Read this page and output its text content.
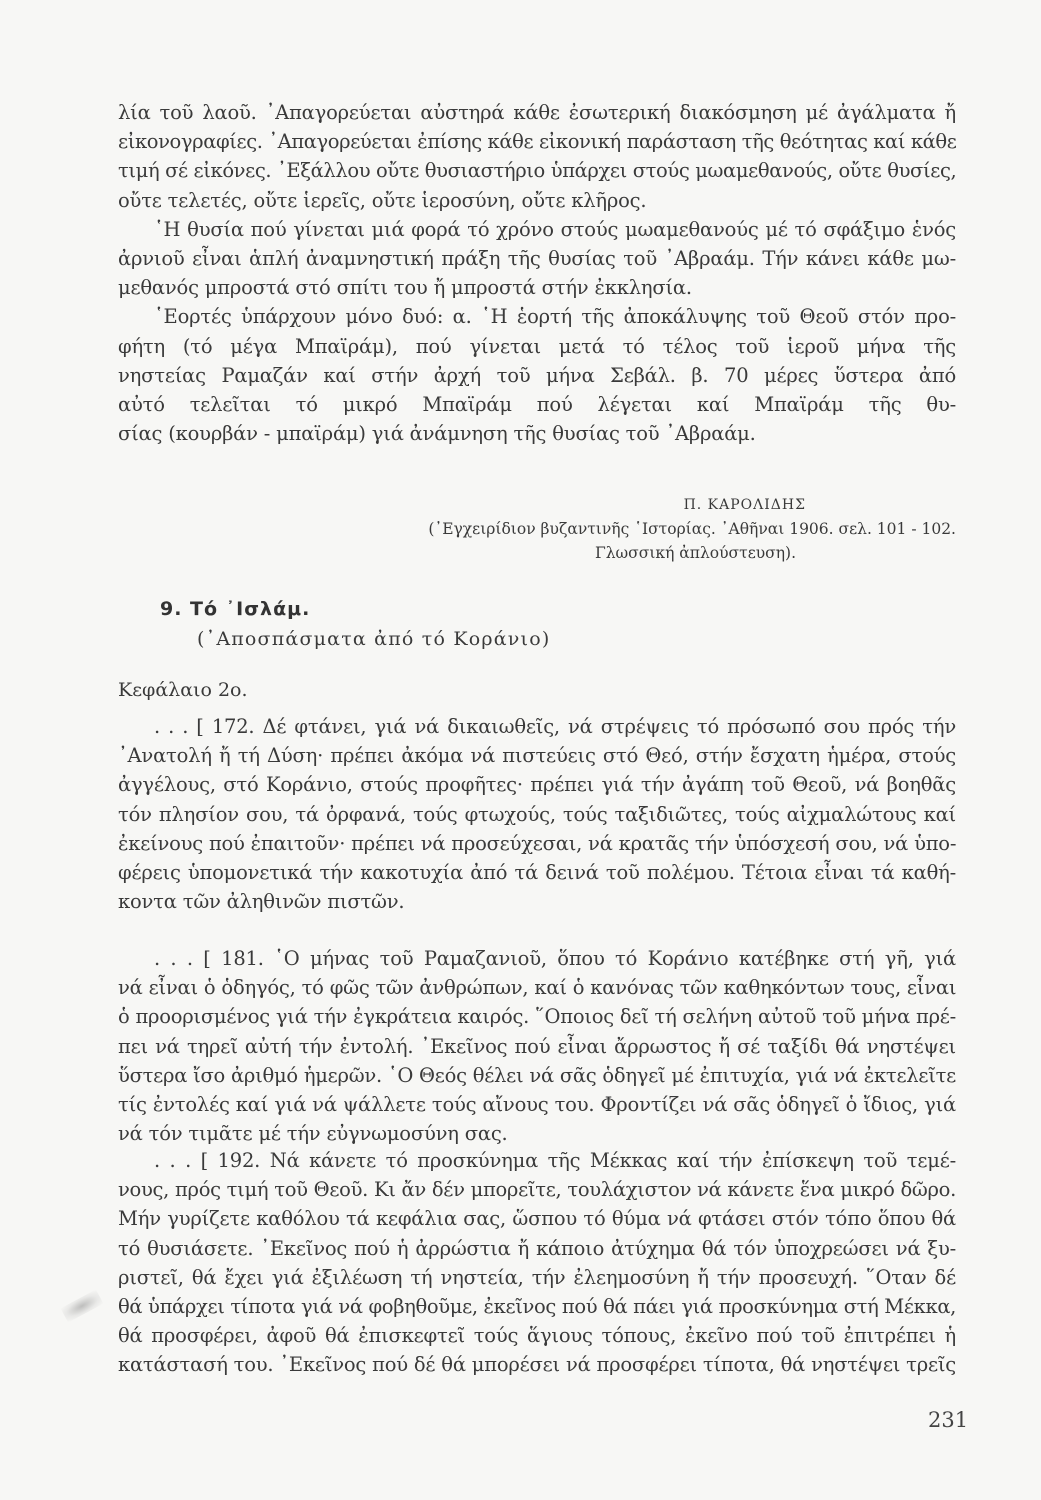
λία τοῦ λαοῦ. ᾿Απαγορεύεται αὐστηρά κάθε ἐσωτερική διακόσμηση μέ ἀγάλματα ἤ
εἰκονογραφίες. ᾿Απαγορεύεται ἐπίσης κάθε εἰκονική παράσταση τῆς θεότητας καί κάθε
τιμή σέ εἰκόνες. ᾿Εξάλλου οὔτε θυσιαστήριο ὑπάρχει στούς μωαμεθανούς, οὔτε θυσίες,
οὔτε τελετές, οὔτε ἱερεῖς, οὔτε ἱεροσύνη, οὔτε κλῆρος.
῾Η θυσία πού γίνεται μιά φορά τό χρόνο στούς μωαμεθανούς μέ τό σφάξιμο ἑνός
ἀρνιοῦ εἶναι ἁπλή ἀναμνηστική πράξη τῆς θυσίας τοῦ ᾿Αβραάμ. Τήν κάνει κάθε μω-
μεθανός μπροστά στό σπίτι του ἤ μπροστά στήν ἐκκλησία.
῾Εορτές ὑπάρχουν μόνο δυό: α. ῾Η ἑορτή τῆς ἀποκάλυψης τοῦ Θεοῦ στόν προ-
φήτη (τό μέγα Μπαϊράμ), πού γίνεται μετά τό τέλος τοῦ ἱεροῦ μήνα τῆς
νηστείας Ραμαζάν καί στήν ἀρχή τοῦ μήνα Σεβάλ. β. 70 μέρες ὕστερα ἀπό
αὐτό τελεῖται τό μικρό Μπαϊράμ πού λέγεται καί Μπαϊράμ τῆς θυ-
σίας (κουρβάν - μπαϊράμ) γιά ἀνάμνηση τῆς θυσίας τοῦ ᾿Αβραάμ.
Π. ΚΑΡΟΛΙΔΗΣ
(᾿Εγχειρίδιον βυζαντινῆς ῾Ιστορίας. ᾿Αθῆναι 1906. σελ. 101 - 102.
Γλωσσική ἀπλούστευση).
9. Τό ᾿Ισλάμ.
(᾿Αποσπάσματα ἀπό τό Κοράνιο)
Κεφάλαιο 2ο.
. . . [ 172. Δέ φτάνει, γιά νά δικαιωθεῖς, νά στρέψεις τό πρόσωπό σου πρός τήν
᾿Ανατολή ἤ τή Δύση· πρέπει ἀκόμα νά πιστεύεις στό Θεό, στήν ἔσχατη ἡμέρα, στούς
ἀγγέλους, στό Κοράνιο, στούς προφῆτες· πρέπει γιά τήν ἀγάπη τοῦ Θεοῦ, νά βοηθᾶς
τόν πλησίον σου, τά ὀρφανά, τούς φτωχούς, τούς ταξιδιῶτες, τούς αἰχμαλώτους καί
ἐκείνους πού ἐπαιτοῦν· πρέπει νά προσεύχεσαι, νά κρατᾶς τήν ὑπόσχεσή σου, νά ὑπο-
φέρεις ὑπομονετικά τήν κακοτυχία ἀπό τά δεινά τοῦ πολέμου. Τέτοια εἶναι τά καθή-
κοντα τῶν ἀληθινῶν πιστῶν.
. . . [ 181. ῾Ο μήνας τοῦ Ραμαζανιοῦ, ὅπου τό Κοράνιο κατέβηκε στή γῆ, γιά
νά εἶναι ὁ ὁδηγός, τό φῶς τῶν ἀνθρώπων, καί ὁ κανόνας τῶν καθηκόντων τους, εἶναι
ὁ προορισμένος γιά τήν ἐγκράτεια καιρός. ῞Οποιος δεῖ τή σελήνη αὐτοῦ τοῦ μήνα πρέ-
πει νά τηρεῖ αὐτή τήν ἐντολή. ᾿Εκεῖνος πού εἶναι ἄρρωστος ἤ σέ ταξίδι θά νηστέψει
ὕστερα ἴσο ἀριθμό ἡμερῶν. ῾Ο Θεός θέλει νά σᾶς ὁδηγεῖ μέ ἐπιτυχία, γιά νά ἐκτελεῖτε
τίς ἐντολές καί γιά νά ψάλλετε τούς αἴνους του. Φροντίζει νά σᾶς ὁδηγεῖ ὁ ἴδιος, γιά
νά τόν τιμᾶτε μέ τήν εὐγνωμοσύνη σας.
. . . [ 192. Νά κάνετε τό προσκύνημα τῆς Μέκκας καί τήν ἐπίσκεψη τοῦ τεμέ-
νους, πρός τιμή τοῦ Θεοῦ. Κι ἄν δέν μπορεῖτε, τουλάχιστον νά κάνετε ἕνα μικρό δῶρο.
Μήν γυρίζετε καθόλου τά κεφάλια σας, ὥσπου τό θύμα νά φτάσει στόν τόπο ὅπου θά
τό θυσιάσετε. ᾿Εκεῖνος πού ἡ ἀρρώστια ἤ κάποιο ἀτύχημα θά τόν ὑποχρεώσει νά ξυ-
ριστεῖ, θά ἔχει γιά ἐξιλέωση τή νηστεία, τήν ἐλεημοσύνη ἤ τήν προσευχή. ῞Οταν δέ
θά ὑπάρχει τίποτα γιά νά φοβηθοῦμε, ἐκεῖνος πού θά πάει γιά προσκύνημα στή Μέκκα,
θά προσφέρει, ἀφοῦ θά ἐπισκεφτεῖ τούς ἅγιους τόπους, ἐκεῖνο πού τοῦ ἐπιτρέπει ἡ
κατάστασή του. ᾿Εκεῖνος πού δέ θά μπορέσει νά προσφέρει τίποτα, θά νηστέψει τρεῖς
231
